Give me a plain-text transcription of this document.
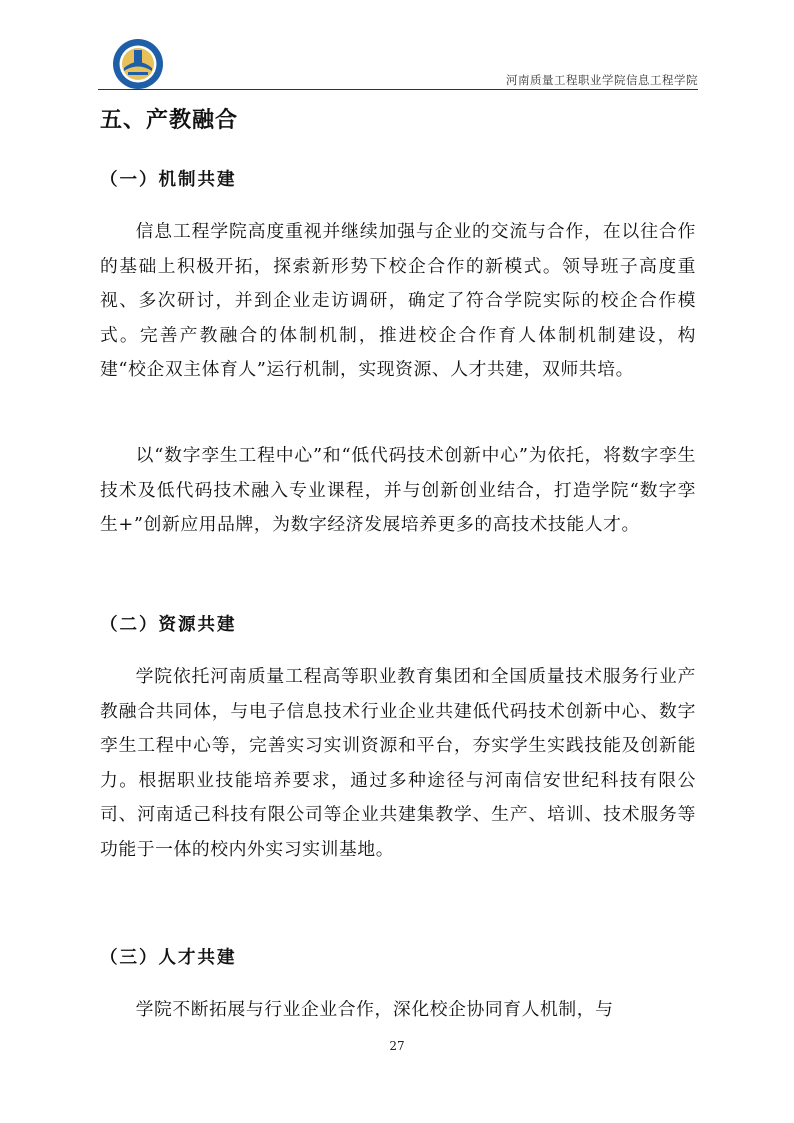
河南质量工程职业学院信息工程学院
五、产教融合
（一）机制共建

信息工程学院高度重视并继续加强与企业的交流与合作，在以往合作的基础上积极开拓，探索新形势下校企合作的新模式。领导班子高度重视、多次研讨，并到企业走访调研，确定了符合学院实际的校企合作模式。完善产教融合的体制机制，推进校企合作育人体制机制建设，构建“校企双主体育人”运行机制，实现资源、人才共建，双师共培。

以“数字孪生工程中心”和“低代码技术创新中心”为依托，将数字孪生技术及低代码技术融入专业课程，并与创新创业结合，打造学院“数字孪生+”创新应用品牌，为数字经济发展培养更多的高技术技能人才。

（二）资源共建

学院依托河南质量工程高等职业教育集团和全国质量技术服务行业产教融合共同体，与电子信息技术行业企业共建低代码技术创新中心、数字孪生工程中心等，完善实习实训资源和平台，夯实学生实践技能及创新能力。根据职业技能培养要求，通过多种途径与河南信安世纪科技有限公司、河南适己科技有限公司等企业共建集教学、生产、培训、技术服务等功能于一体的校内外实习实训基地。

（三）人才共建

学院不断拓展与行业企业合作，深化校企协同育人机制，与

27
